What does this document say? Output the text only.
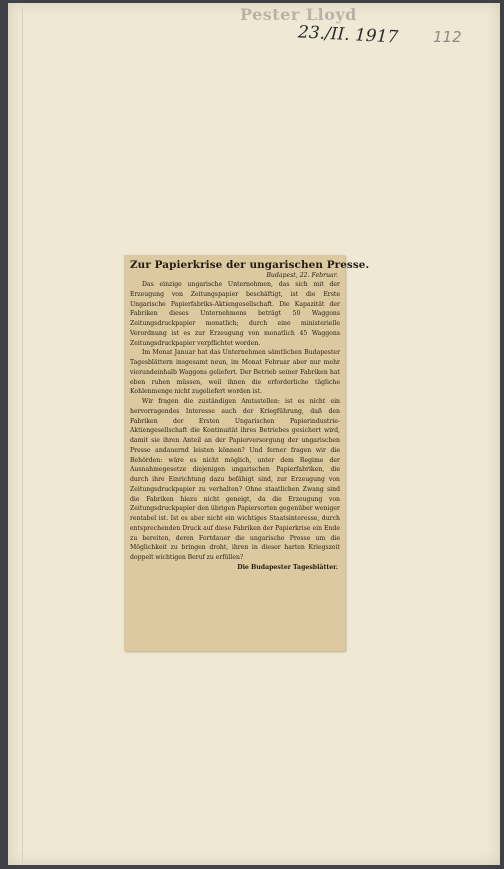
Pester Lloyd
23./II. 1917 112
Zur Papierkrise der ungarischen Presse.
Budapest, 22. Februar.

Das einzige ungarische Unternehmen, das sich mit der Erzeugung von Zeitungspapier beschäftigt, ist die Erste Ungarische Papierfabriks-Aktiengesellschaft. Die Kapazität der Fabriken dieses Unternehmens beträgt 50 Waggons Zeitungsdruckpapier monatlich; durch eine ministerielle Verordnung ist es zur Erzeugung von monatlich 45 Waggons Zeitungsdruckpapier verpflichtet worden.

Im Monat Januar hat das Unternehmen sämtlichen Budapester Tagesblättern insgesamt neun, im Monat Februar aber nur mehr vierundeinhalb Waggons geliefert. Der Betrieb seiner Fabriken hat eben ruhen müssen, weil ihnen die erforderliche tägliche Kohlenmenge nicht zugeliefert worden ist.

Wir fragen die zuständigen Amtsstellen: ist es nicht ein hervorragendes Interesse auch der Kriegführung, daß den Fabriken der Ersten Ungarischen Papierindustrie-Aktiengesellschaft die Kontinuität ihres Betriebes gesichert wird, damit sie ihren Anteil an der Papierversorgung der ungarischen Presse andauernd leisten können? Und ferner fragen wir die Behörden: wäre es nicht möglich, unter dem Regime der Ausnahmegesetze diejenigen ungarischen Papierfabriken, die durch ihre Einrichtung dazu befähigt sind, zur Erzeugung von Zeitungsdruckpapier zu verhalten? Ohne staatlichen Zwang sind die Fabriken hiezu nicht geneigt, da die Erzeugung von Zeitungsdruckpapier den übrigen Papiersorten gegenüber weniger rentabel ist. Ist es aber nicht ein wichtiges Staatsinteresse, durch entsprechenden Druck auf diese Fabriken der Papierkrise ein Ende zu bereiten, deren Fortdauer die ungarische Presse um die Möglichkeit zu bringen droht, ihren in dieser harten Kriegszeit doppelt wichtigen Beruf zu erfüllen?

Die Budapester Tagesblätter.
